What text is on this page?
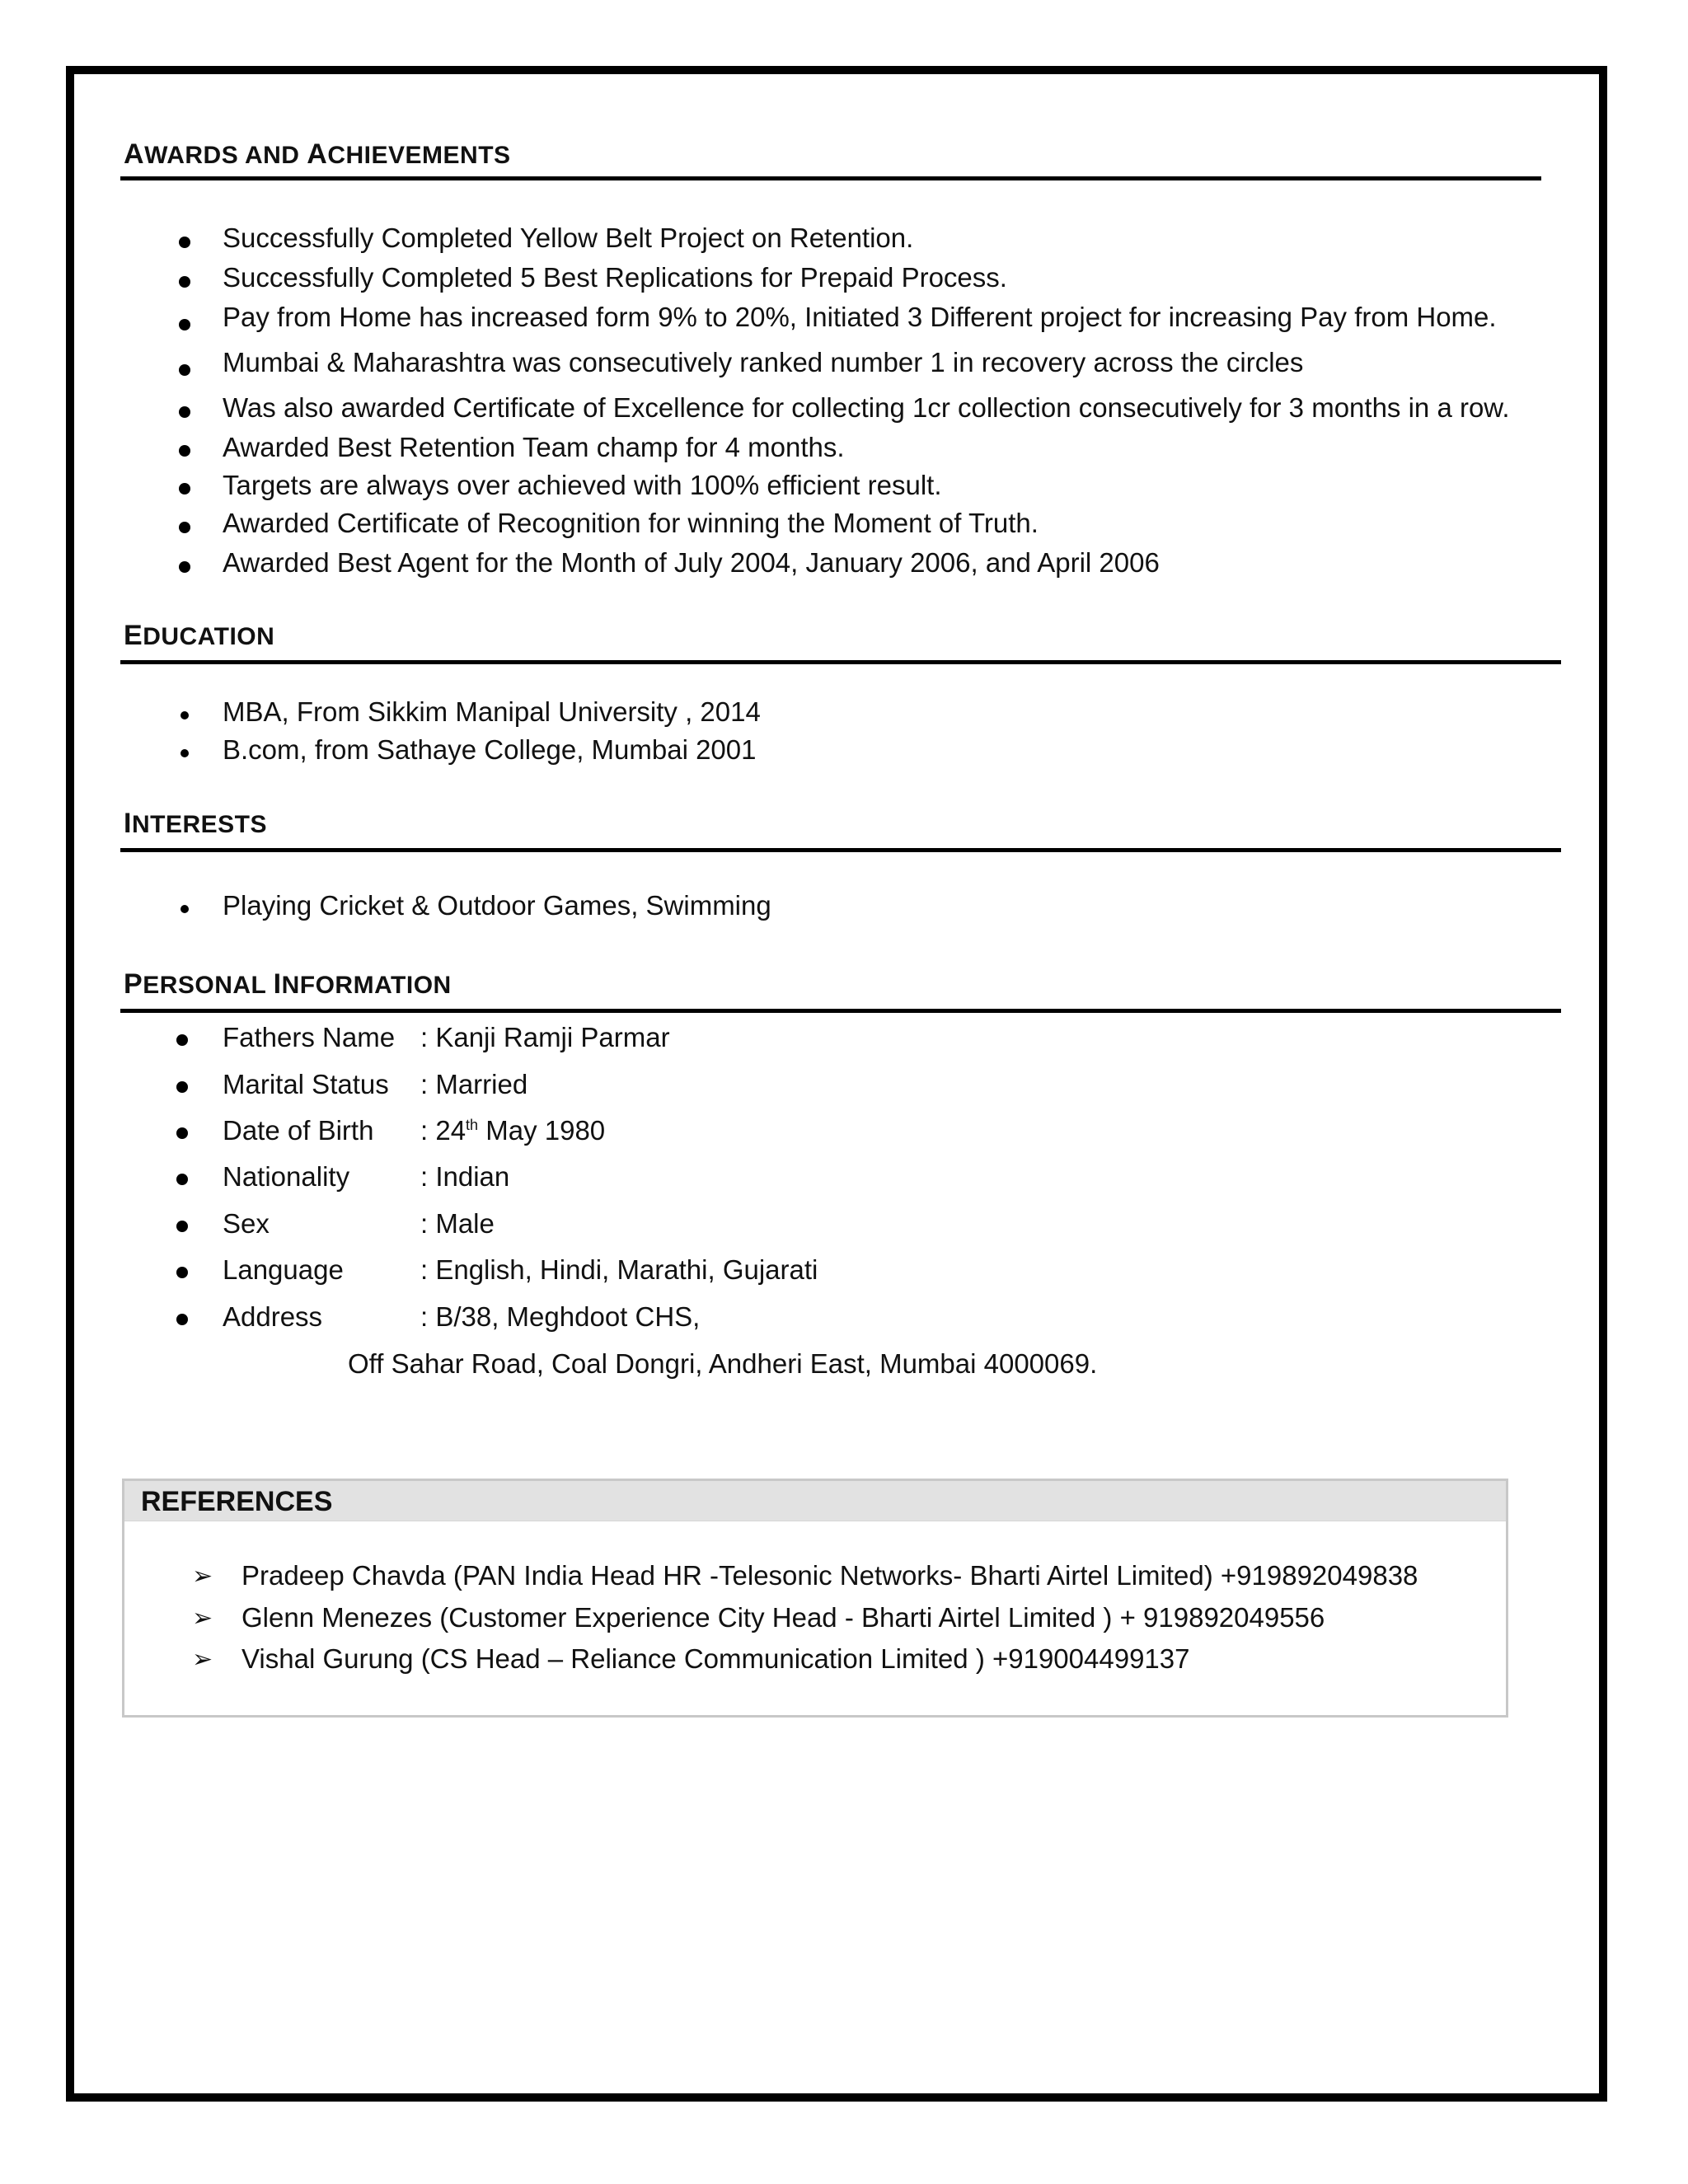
AWARDS AND ACHIEVEMENTS
Successfully Completed Yellow Belt Project on Retention.
Successfully Completed 5 Best Replications for Prepaid Process.
Pay from Home has increased form 9% to 20%, Initiated 3 Different project for increasing Pay from Home.
Mumbai & Maharashtra was consecutively ranked number 1 in recovery across the circles
Was also awarded Certificate of Excellence for collecting 1cr collection consecutively for 3 months in a row.
Awarded Best Retention Team champ for 4 months.
Targets are always over achieved with 100% efficient result.
Awarded Certificate of Recognition for winning the Moment of Truth.
Awarded Best Agent for the Month of July 2004, January 2006, and April 2006
EDUCATION
MBA, From Sikkim Manipal University , 2014
B.com, from Sathaye College, Mumbai 2001
INTERESTS
Playing Cricket & Outdoor Games, Swimming
PERSONAL INFORMATION
Fathers Name : Kanji Ramji Parmar
Marital Status : Married
Date of Birth : 24th May 1980
Nationality	: Indian
Sex	: Male
Language	: English, Hindi, Marathi, Gujarati
Address	: B/38, Meghdoot CHS,
Off Sahar Road, Coal Dongri, Andheri East, Mumbai 4000069.
REFERENCES
➢ Pradeep Chavda (PAN India Head HR -Telesonic Networks- Bharti Airtel Limited) +919892049838
➢ Glenn Menezes (Customer Experience City Head - Bharti Airtel Limited ) + 919892049556
➢ Vishal Gurung (CS Head – Reliance Communication Limited ) +919004499137
